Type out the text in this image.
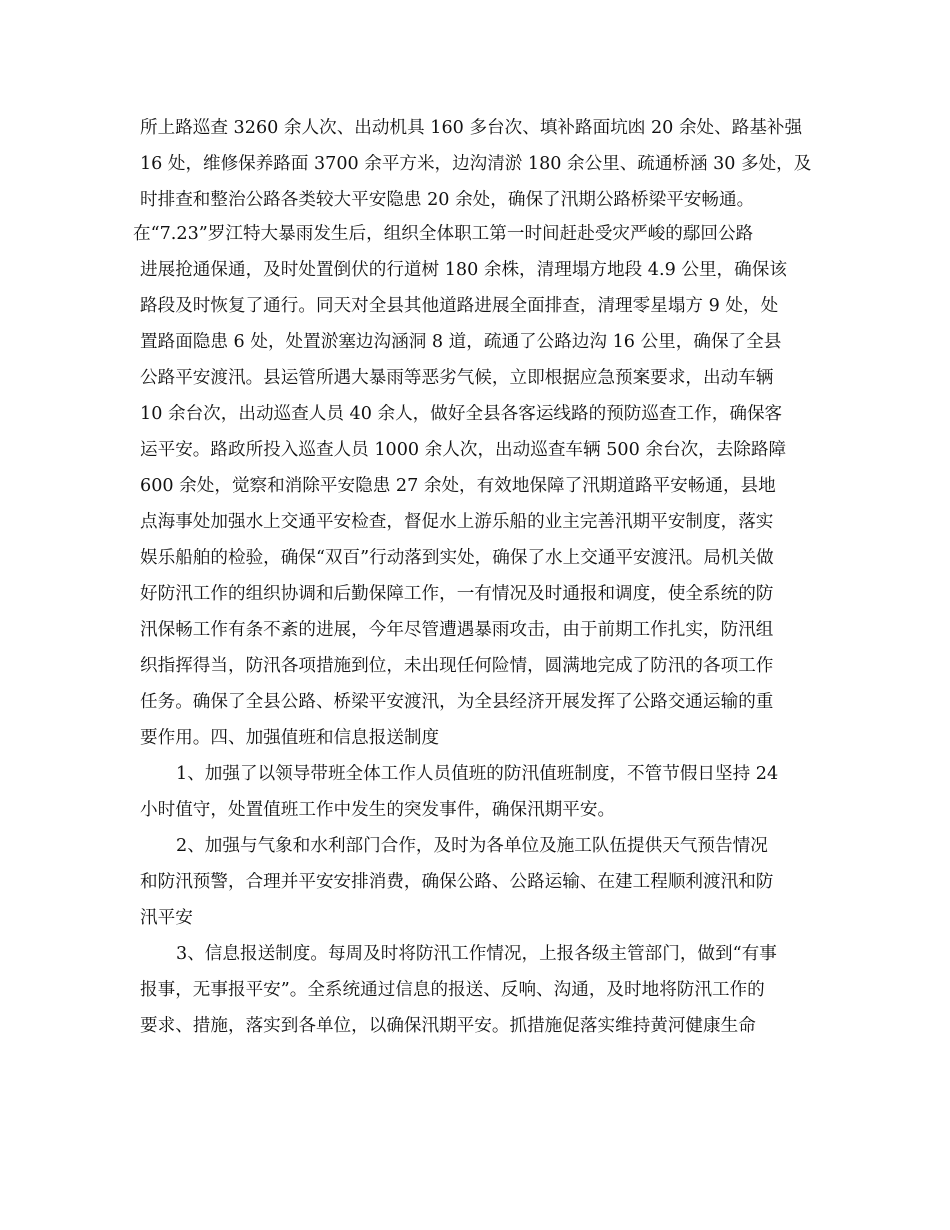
所上路巡查 3260 余人次、出动机具 160 多台次、填补路面坑凼 20 余处、路基补强
16 处，维修保养路面 3700 余平方米，边沟清淤 180 余公里、疏通桥涵 30 多处，及
时排查和整治公路各类较大平安隐患 20 余处，确保了汛期公路桥梁平安畅通。
在“7.23”罗江特大暴雨发生后，组织全体职工第一时间赶赴受灾严峻的鄢回公路
进展抢通保通，及时处置倒伏的行道树 180 余株，清理塌方地段 4.9 公里，确保该
路段及时恢复了通行。同天对全县其他道路进展全面排查，清理零星塌方 9 处，处
置路面隐患 6 处，处置淤塞边沟涵洞 8 道，疏通了公路边沟 16 公里，确保了全县
公路平安渡汛。县运管所遇大暴雨等恶劣气候，立即根据应急预案要求，出动车辆
10 余台次，出动巡查人员 40 余人，做好全县各客运线路的预防巡查工作，确保客
运平安。路政所投入巡查人员 1000 余人次，出动巡查车辆 500 余台次，去除路障
600 余处，觉察和消除平安隐患 27 余处，有效地保障了汛期道路平安畅通，县地
点海事处加强水上交通平安检查，督促水上游乐船的业主完善汛期平安制度，落实
娱乐船舶的检验，确保“双百”行动落到实处，确保了水上交通平安渡汛。局机关做
好防汛工作的组织协调和后勤保障工作，一有情况及时通报和调度，使全系统的防
汛保畅工作有条不紊的进展，今年尽管遭遇暴雨攻击，由于前期工作扎实，防汛组
织指挥得当，防汛各项措施到位，未出现任何险情，圆满地完成了防汛的各项工作
任务。确保了全县公路、桥梁平安渡汛，为全县经济开展发挥了公路交通运输的重
要作用。四、加强值班和信息报送制度
1、加强了以领导带班全体工作人员值班的防汛值班制度，不管节假日坚持 24
小时值守，处置值班工作中发生的突发事件，确保汛期平安。
2、加强与气象和水利部门合作，及时为各单位及施工队伍提供天气预告情况
和防汛预警，合理并平安安排消费，确保公路、公路运输、在建工程顺利渡汛和防
汛平安
3、信息报送制度。每周及时将防汛工作情况，上报各级主管部门，做到“有事
报事，无事报平安”。全系统通过信息的报送、反响、沟通，及时地将防汛工作的
要求、措施，落实到各单位，以确保汛期平安。抓措施促落实维持黄河健康生命
